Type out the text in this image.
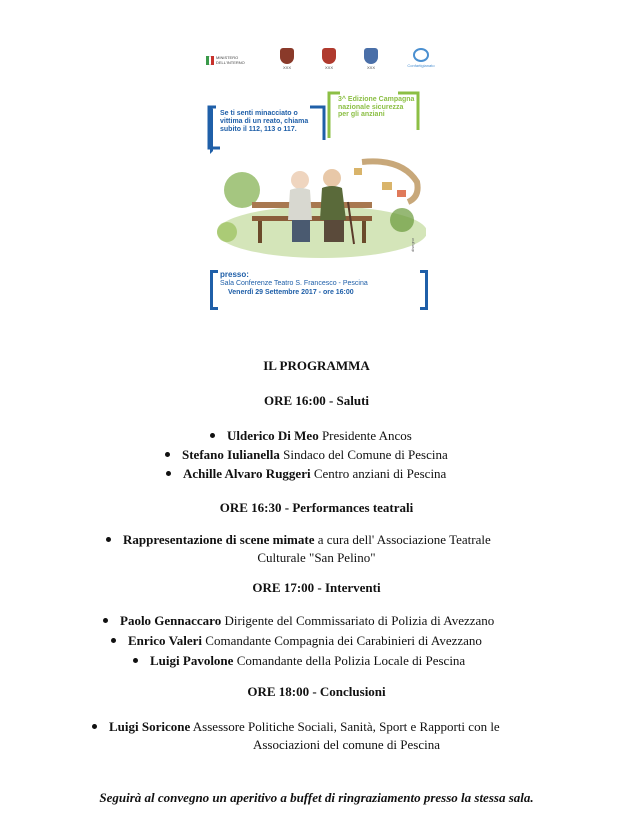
MINISTERO DELL'INTERNO
XXX	XXX	XXX	Confartigianato
Se ti senti minacciato o vittima di un reato, chiama subito il 112, 113 o 117.
3^ Edizione Campagna nazionale sicurezza per gli anziani
disegno
presso:
Sala Conferenze Teatro S. Francesco - Pescina
Venerdì 29 Settembre 2017 - ore 16:00
IL PROGRAMMA
ORE 16:00 - Saluti
Ulderico Di Meo Presidente Ancos
Stefano Iulianella Sindaco del Comune di Pescina
Achille Alvaro Ruggeri Centro anziani di Pescina
ORE 16:30 - Performances teatrali
Rappresentazione di scene mimate a cura dell' Associazione Teatrale
Culturale "San Pelino"
ORE 17:00 - Interventi
Paolo Gennaccaro Dirigente del Commissariato di Polizia di Avezzano
Enrico Valeri Comandante Compagnia dei Carabinieri di Avezzano
Luigi Pavolone Comandante della Polizia Locale di Pescina
ORE 18:00 - Conclusioni
Luigi Soricone Assessore Politiche Sociali, Sanità, Sport e Rapporti con le
Associazioni del comune di Pescina
Seguirà al convegno un aperitivo a buffet di ringraziamento presso la stessa sala.
